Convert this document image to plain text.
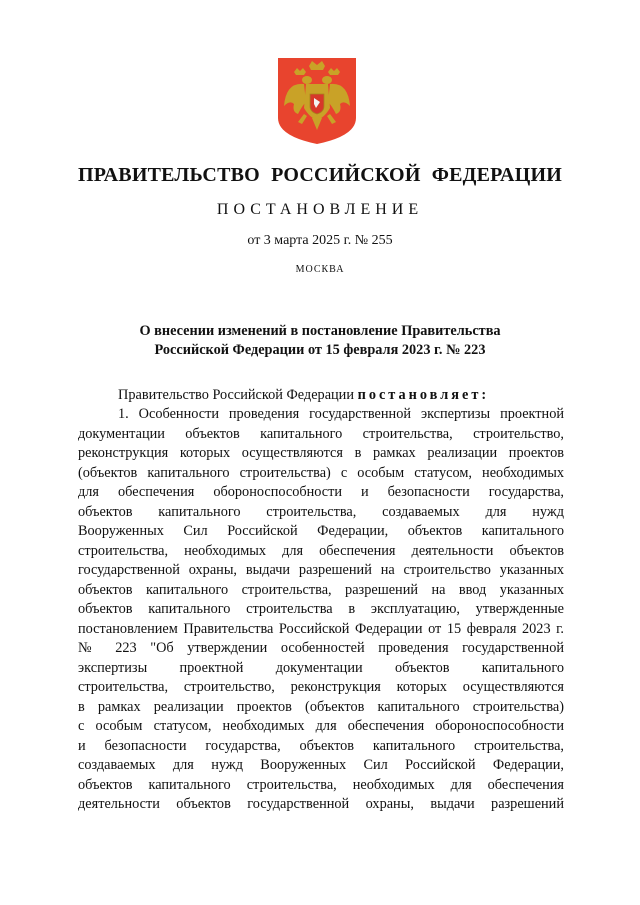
ПРАВИТЕЛЬСТВО РОССИЙСКОЙ ФЕДЕРАЦИИ
ПОСТАНОВЛЕНИЕ
от 3 марта 2025 г. № 255
МОСКВА
О внесении изменений в постановление Правительства
Российской Федерации от 15 февраля 2023 г. № 223
Правительство Российской Федерации постановляет:
1. Особенности проведения государственной экспертизы проектной
документации объектов капитального строительства, строительство,
реконструкция которых осуществляются в рамках реализации проектов
(объектов капитального строительства) с особым статусом, необходимых
для обеспечения обороноспособности и безопасности государства,
объектов капитального строительства, создаваемых для нужд
Вооруженных Сил Российской Федерации, объектов капитального
строительства, необходимых для обеспечения деятельности объектов
государственной охраны, выдачи разрешений на строительство указанных
объектов капитального строительства, разрешений на ввод указанных
объектов капитального строительства в эксплуатацию, утвержденные
постановлением Правительства Российской Федерации от 15 февраля 2023 г.
№ 223 "Об утверждении особенностей проведения государственной
экспертизы проектной документации объектов капитального
строительства, строительство, реконструкция которых осуществляются
в рамках реализации проектов (объектов капитального строительства)
с особым статусом, необходимых для обеспечения обороноспособности
и безопасности государства, объектов капитального строительства,
создаваемых для нужд Вооруженных Сил Российской Федерации,
объектов капитального строительства, необходимых для обеспечения
деятельности объектов государственной охраны, выдачи разрешений
